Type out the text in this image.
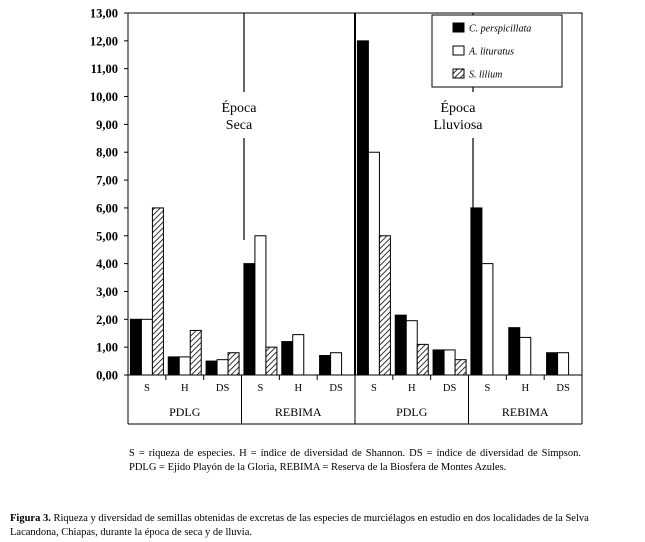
0,00
1,00
2,00
3,00
4,00
5,00
6,00
7,00
8,00
9,00
10,00
11,00
12,00
13,00
PDLG
S	H	DS
REBIMA
S	H	DS
PDLG
S	H	DS
REBIMA
S	H	DS
Época
Seca
Época
Lluviosa
C. perspicillata
A. lituratus
S. lilium

S = riqueza de especies. H = índice de diversidad de Shannon. DS = índice de diversidad de Simpson. PDLG = Ejido Playón de la Gloria, REBIMA = Reserva de la Biosfera de Montes Azules.

Figura 3. Riqueza y diversidad de semillas obtenidas de excretas de las especies de murciélagos en estudio en dos localidades de la Selva Lacandona, Chiapas, durante la época de seca y de lluvia.
